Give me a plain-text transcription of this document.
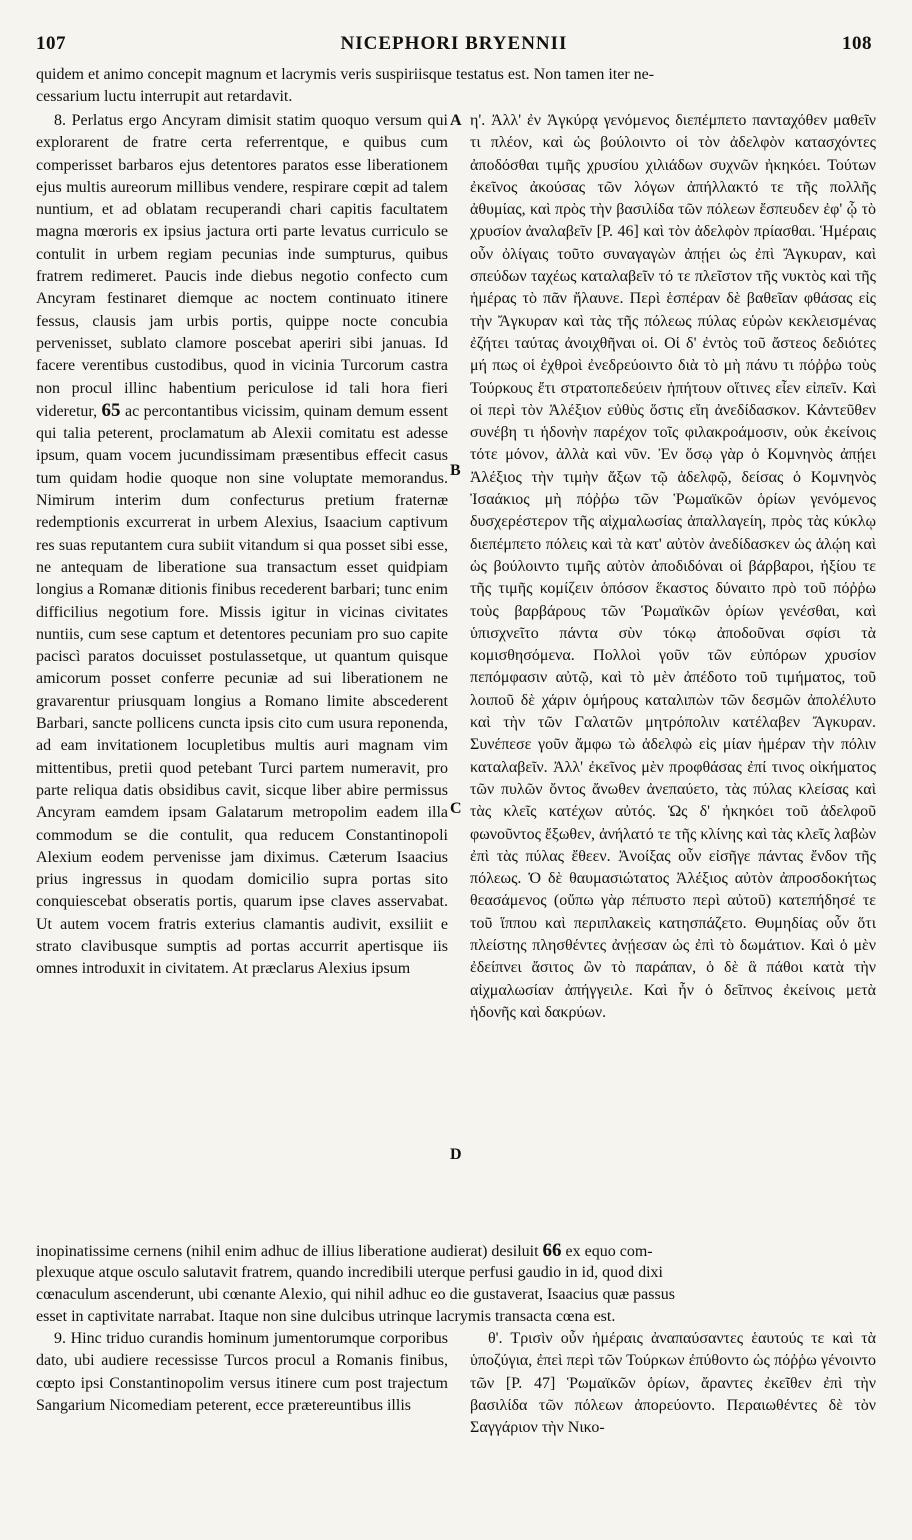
107	NICEPHORI BRYENNII	108
quidem et animo concepit magnum et lacrymis veris suspiriisque testatus est. Non tamen iter ne-
cessarium luctu interrupit aut retardavit.

8. Perlatus ergo Ancyram dimisit statim quoquo versum qui explorarent de fratre certa referrentque, e quibus cum comperisset barbaros ejus detentores paratos esse liberationem ejus multis aureorum millibus vendere, respirare cœpit ad talem nuntium, et ad oblatam recuperandi chari capitis facultatem magna mœroris ex ipsius jactura orti parte levatus curriculo se contulit in urbem regiam pecunias inde sumpturus, quibus fratrem redimeret. Paucis inde diebus negotio confecto cum Ancyram festinaret diemque ac noctem continuato itinere fessus, clausis jam urbis portis, quippe nocte concubia pervenisset, sublato clamore poscebat aperiri sibi januas. Id facere verentibus custodibus, quod in vicinia Turcorum castra non procul illinc habentium periculose id tali hora fieri videretur, 65 ac percontantibus vicissim, quinam demum essent qui talia peterent, proclamatum ab Alexii comitatu est adesse ipsum, quam vocem jucundissimam præsentibus effecit casus tum quidam hodie quoque non sine voluptate memorandus. Nimirum interim dum confecturus pretium fraternæ redemptionis excurrerat in urbem Alexius, Isaacium captivum res suas reputantem cura subiit vitandum si qua posset sibi esse, ne antequam de liberatione sua transactum esset quidpiam longius a Romanæ ditionis finibus recederent barbari; tunc enim difficilius negotium fore. Missis igitur in vicinas civitates nuntiis, cum sese captum et detentores pecuniam pro suo capite paciscì paratos docuisset postulassetque, ut quantum quisque amicorum posset conferre pecuniæ ad sui liberationem ne gravarentur priusquam longius a Romano limite abscederent Barbari, sancte pollicens cuncta ipsis cito cum usura reponenda, ad eam invitationem locupletibus multis auri magnam vim mittentibus, pretii quod petebant Turci partem numeravit, pro parte reliqua datis obsidibus cavit, sicque liber abire permissus Ancyram eamdem ipsam Galatarum metropolim eadem illa commodum se die contulit, qua reducem Constantinopoli Alexium eodem pervenisse jam diximus. Cæterum Isaacius prius ingressus in quodam domicilio supra portas sito conquiescebat obseratis portis, quarum ipse claves asservabat. Ut autem vocem fratris exterius clamantis audivit, exsiliit e strato clavibusque sumptis ad portas accurrit apertisque iis omnes introduxit in civitatem. At præclarus Alexius ipsum

A
B
C
D

η'. Ἀλλ' ἐν Ἀγκύρᾳ γενόμενος διεπέμπετο πανταχόθεν μαθεῖν τι πλέον, καὶ ὡς βούλοιντο οἱ τὸν ἀδελφὸν κατασχόντες ἀποδόσθαι τιμῆς χρυσίου χιλιάδων συχνῶν ἠκηκόει. Τούτων ἐκεῖνος ἀκούσας τῶν λόγων ἀπήλλακτό τε τῆς πολλῆς ἀθυμίας, καὶ πρὸς τὴν βασιλίδα τῶν πόλεων ἔσπευδεν ἐφ' ᾧ τὸ χρυσίον ἀναλαβεῖν [P. 46] καὶ τὸν ἀδελφὸν πρίασθαι. Ἡμέραις οὖν ὀλίγαις τοῦτο συναγαγὼν ἀπῄει ὡς ἐπὶ Ἄγκυραν, καὶ σπεύδων ταχέως καταλαβεῖν τό τε πλεῖστον τῆς νυκτὸς καὶ τῆς ἡμέρας τὸ πᾶν ἤλαυνε. Περὶ ἑσπέραν δὲ βαθεῖαν φθάσας εἰς τὴν Ἄγκυραν καὶ τὰς τῆς πόλεως πύλας εὑρὼν κεκλεισμένας ἐζήτει ταύτας ἀνοιχθῆναι οἱ. Οἱ δ' ἐντὸς τοῦ ἄστεος δεδιότες μή πως οἱ ἐχθροὶ ἐνεδρεύοιντο διὰ τὸ μὴ πάνυ τι πόῤῥω τοὺς Τούρκους ἔτι στρατοπεδεύειν ἠπήτουν οἵτινες εἶεν εἰπεῖν. Καὶ οἱ περὶ τὸν Ἀλέξιον εὐθὺς ὅστις εἴη ἀνεδίδασκον. Κἀντεῦθεν συνέβη τι ἡδονὴν παρέχον τοῖς φιλακροάμοσιν, οὐκ ἐκείνοις τότε μόνον, ἀλλὰ καὶ νῦν. Ἐν ὅσῳ γὰρ ὁ Κομνηνὸς ἀπῄει Ἀλέξιος τὴν τιμὴν ἄξων τῷ ἀδελφῷ, δείσας ὁ Κομνηνὸς Ἰσαάκιος μὴ πόῤῥω τῶν Ῥωμαϊκῶν ὁρίων γενόμενος δυσχερέστερον τῆς αἰχμαλωσίας ἀπαλλαγείη, πρὸς τὰς κύκλῳ διεπέμπετο πόλεις καὶ τὰ κατ' αὐτὸν ἀνεδίδασκεν ὡς ἁλῴη καὶ ὡς βούλοιντο τιμῆς αὐτὸν ἀποδιδόναι οἱ βάρβαροι, ἠξίου τε τῆς τιμῆς κομίζειν ὁπόσον ἕκαστος δύναιτο πρὸ τοῦ πόῤῥω τοὺς βαρβάρους τῶν Ῥωμαϊκῶν ὁρίων γενέσθαι, καὶ ὑπισχνεῖτο πάντα σὺν τόκῳ ἀποδοῦναι σφίσι τὰ κομισθησόμενα. Πολλοὶ γοῦν τῶν εὐπόρων χρυσίον πεπόμφασιν αὐτῷ, καὶ τὸ μὲν ἀπέδοτο τοῦ τιμήματος, τοῦ λοιποῦ δὲ χάριν ὁμήρους καταλιπὼν τῶν δεσμῶν ἀπολέλυτο καὶ τὴν τῶν Γαλατῶν μητρόπολιν κατέλαβεν Ἄγκυραν. Συνέπεσε γοῦν ἄμφω τὼ ἀδελφὼ εἰς μίαν ἡμέραν τὴν πόλιν καταλαβεῖν. Ἀλλ' ἐκεῖνος μὲν προφθάσας ἐπί τινος οἰκήματος τῶν πυλῶν ὄντος ἄνωθεν ἀνεπαύετο, τὰς πύλας κλείσας καὶ τὰς κλεῖς κατέχων αὐτός. Ὡς δ' ἠκηκόει τοῦ ἀδελφοῦ φωνοῦντος ἔξωθεν, ἀνήλατό τε τῆς κλίνης καὶ τὰς κλεῖς λαβὼν ἐπὶ τὰς πύλας ἔθεεν. Ἀνοίξας οὖν εἰσῆγε πάντας ἔνδον τῆς πόλεως. Ὁ δὲ θαυμασιώτατος Ἀλέξιος αὐτὸν ἀπροσδοκήτως θεασάμενος (οὔπω γὰρ πέπυστο περὶ αὐτοῦ) κατεπήδησέ τε τοῦ ἵππου καὶ περιπλακεὶς κατησπάζετο. Θυμηδίας οὖν ὅτι πλείστης πλησθέντες ἀνῄεσαν ὡς ἐπὶ τὸ δωμάτιον. Καὶ ὁ μὲν ἐδείπνει ἄσιτος ὢν τὸ παράπαν, ὁ δὲ ἃ πάθοι κατὰ τὴν αἰχμαλωσίαν ἀπήγγειλε. Καὶ ἦν ὁ δεῖπνος ἐκείνοις μετὰ ἡδονῆς καὶ δακρύων.

inopinatissime cernens (nihil enim adhuc de illius liberatione audierat) desiluit 66 ex equo com-
plexuque atque osculo salutavit fratrem, quando incredibili uterque perfusi gaudio in id, quod dixi
cœnaculum ascenderunt, ubi cœnante Alexio, qui nihil adhuc eo die gustaverat, Isaacius quæ passus
esset in captivitate narrabat. Itaque non sine dulcibus utrinque lacrymis transacta cœna est.

9. Hinc triduo curandis hominum jumentorumque corporibus dato, ubi audiere recessisse Turcos procul a Romanis finibus, cœpto ipsi Constantinopolim versus itinere cum post trajectum Sangarium Nicomediam peterent, ecce prætereuntibus illis

θ'. Τρισὶν οὖν ἡμέραις ἀναπαύσαντες ἑαυτούς τε καὶ τὰ ὑποζύγια, ἐπεὶ περὶ τῶν Τούρκων ἐπύθοντο ὡς πόῤῥω γένοιντο τῶν [P. 47] Ῥωμαϊκῶν ὁρίων, ἄραντες ἐκεῖθεν ἐπὶ τὴν βασιλίδα τῶν πόλεων ἀπορεύοντο. Περαιωθέντες δὲ τὸν Σαγγάριον τὴν Νικο-
